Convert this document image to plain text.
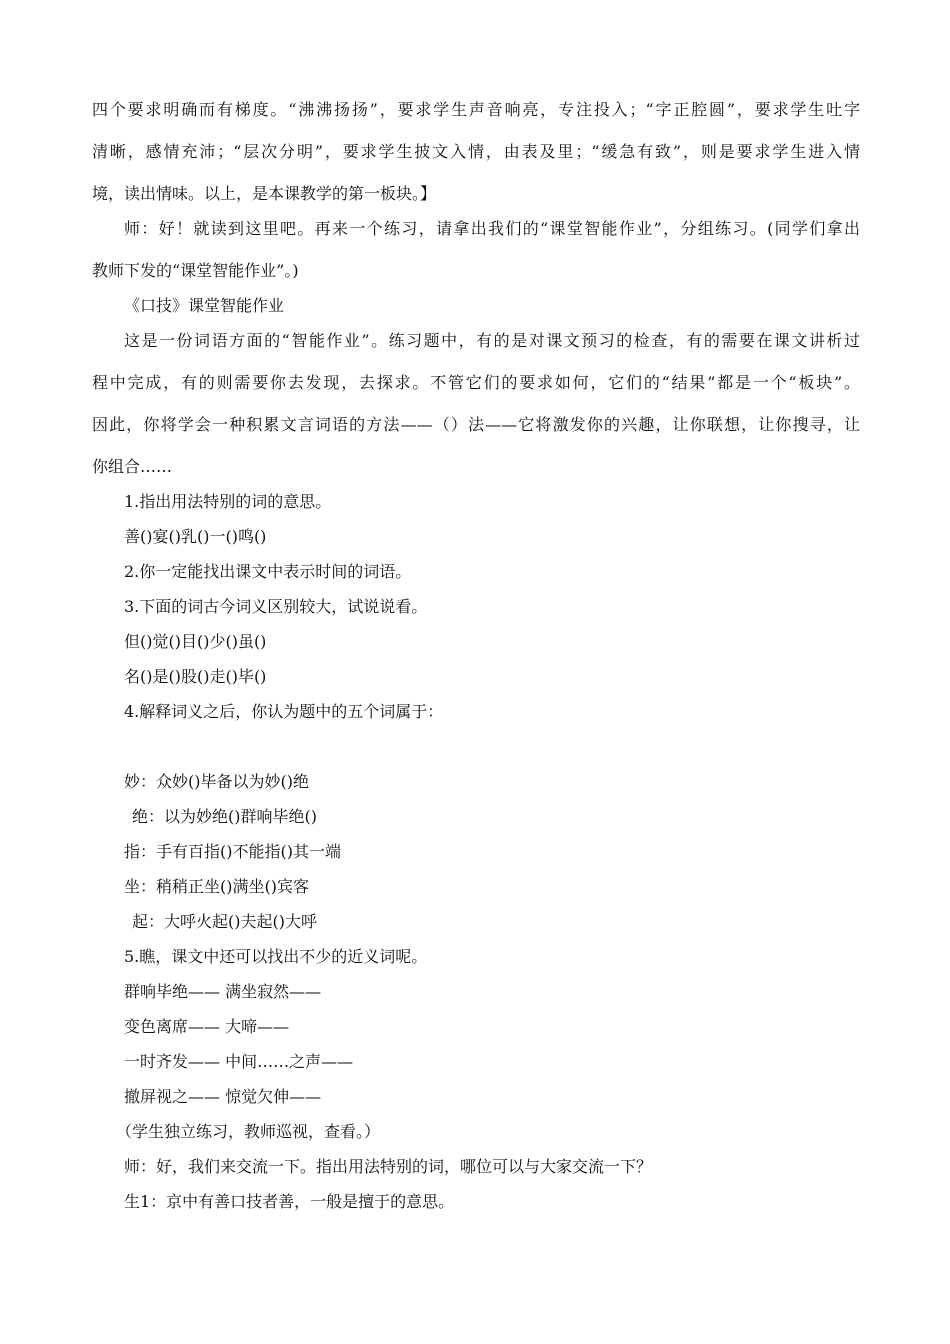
四个要求明确而有梯度。“沸沸扬扬”，要求学生声音响亮，专注投入；“字正腔圆”，要求学生吐字
清晰，感情充沛；“层次分明”，要求学生披文入情，由表及里；“缓急有致”，则是要求学生进入情
境，读出情味。以上，是本课教学的第一板块。】
师：好！就读到这里吧。再来一个练习，请拿出我们的“课堂智能作业”，分组练习。(同学们拿出
教师下发的“课堂智能作业”。)
《口技》课堂智能作业
这是一份词语方面的“智能作业”。练习题中，有的是对课文预习的检查，有的需要在课文讲析过
程中完成，有的则需要你去发现，去探求。不管它们的要求如何，它们的“结果”都是一个“板块”。
因此，你将学会一种积累文言词语的方法——（）法——它将激发你的兴趣，让你联想，让你搜寻，让
你组合……
1.指出用法特别的词的意思。
善()宴()乳()一()鸣()
2.你一定能找出课文中表示时间的词语。
3.下面的词古今词义区别较大，试说说看。
但()觉()目()少()虽()
名()是()股()走()毕()
4.解释词义之后，你认为题中的五个词属于：
妙：众妙()毕备以为妙()绝
绝：以为妙绝()群响毕绝()
指：手有百指()不能指()其一端
坐：稍稍正坐()满坐()宾客
起：大呼火起()夫起()大呼
5.瞧，课文中还可以找出不少的近义词呢。
群响毕绝—— 满坐寂然——
变色离席—— 大啼——
一时齐发—— 中间……之声——
撤屏视之—— 惊觉欠伸——
（学生独立练习，教师巡视，查看。）
师：好，我们来交流一下。指出用法特别的词，哪位可以与大家交流一下？
生1：京中有善口技者善，一般是擅于的意思。
